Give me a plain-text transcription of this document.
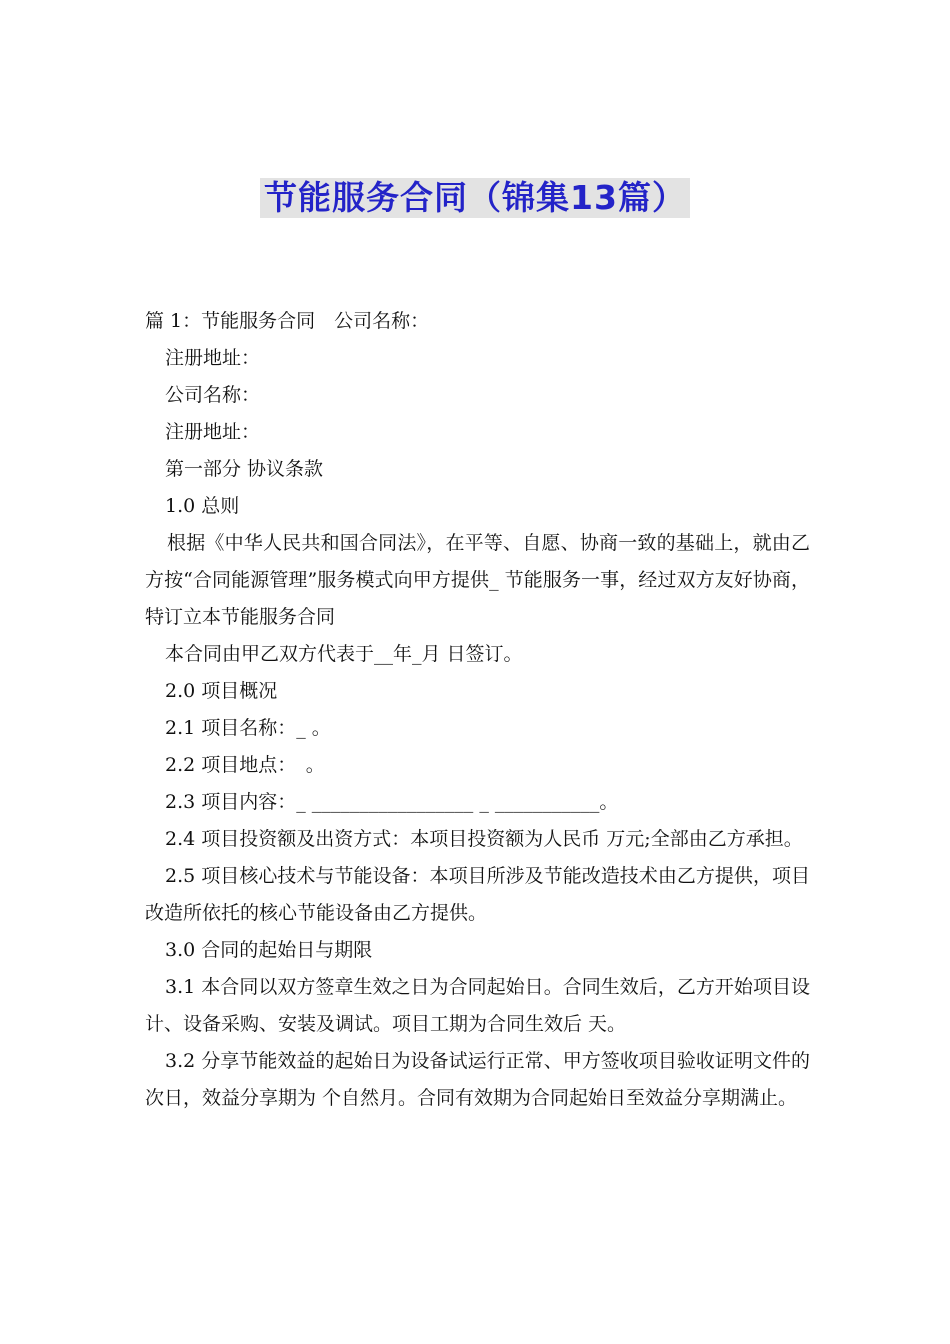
节能服务合同（锦集13篇）

篇 1：节能服务合同　公司名称：

注册地址：

公司名称：

注册地址：

第一部分 协议条款

1.0 总则

根据《中华人民共和国合同法》，在平等、自愿、协商一致的基础上，就由乙方按“合同能源管理”服务模式向甲方提供_ 节能服务一事，经过双方友好协商，特订立本节能服务合同

本合同由甲乙双方代表于__年_月 日签订。

2.0 项目概况

2.1 项目名称：_ 。

2.2 项目地点：　。

2.3 项目内容：_ _________________ _ ___________。

2.4 项目投资额及出资方式：本项目投资额为人民币 万元;全部由乙方承担。

2.5 项目核心技术与节能设备：本项目所涉及节能改造技术由乙方提供，项目改造所依托的核心节能设备由乙方提供。

3.0 合同的起始日与期限

3.1 本合同以双方签章生效之日为合同起始日。合同生效后，乙方开始项目设计、设备采购、安装及调试。项目工期为合同生效后 天。

3.2 分享节能效益的起始日为设备试运行正常、甲方签收项目验收证明文件的次日，效益分享期为 个自然月。合同有效期为合同起始日至效益分享期满止。
